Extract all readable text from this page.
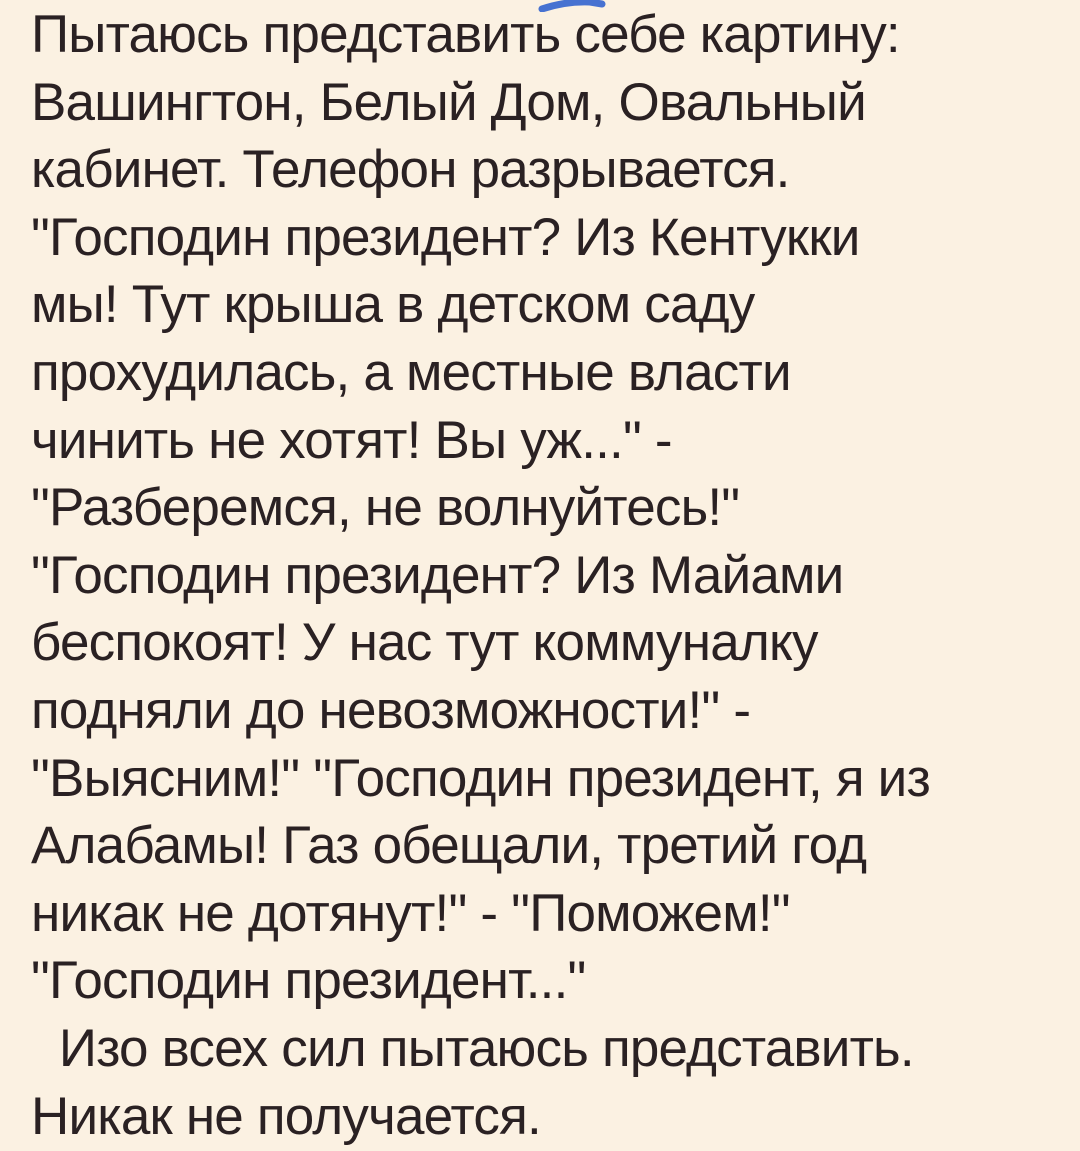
Пытаюсь представить себе картину:
Вашингтон, Белый Дом, Овальный
кабинет. Телефон разрывается.
"Господин президент? Из Кентукки
мы! Тут крыша в детском саду
прохудилась, а местные власти
чинить не хотят! Вы уж..." -
"Разберемся, не волнуйтесь!"
"Господин президент? Из Майами
беспокоят! У нас тут коммуналку
подняли до невозможности!" -
"Выясним!" "Господин президент, я из
Алабамы! Газ обещали, третий год
никак не дотянут!" - "Поможем!"
"Господин президент..."
Изо всех сил пытаюсь представить.
Никак не получается.
